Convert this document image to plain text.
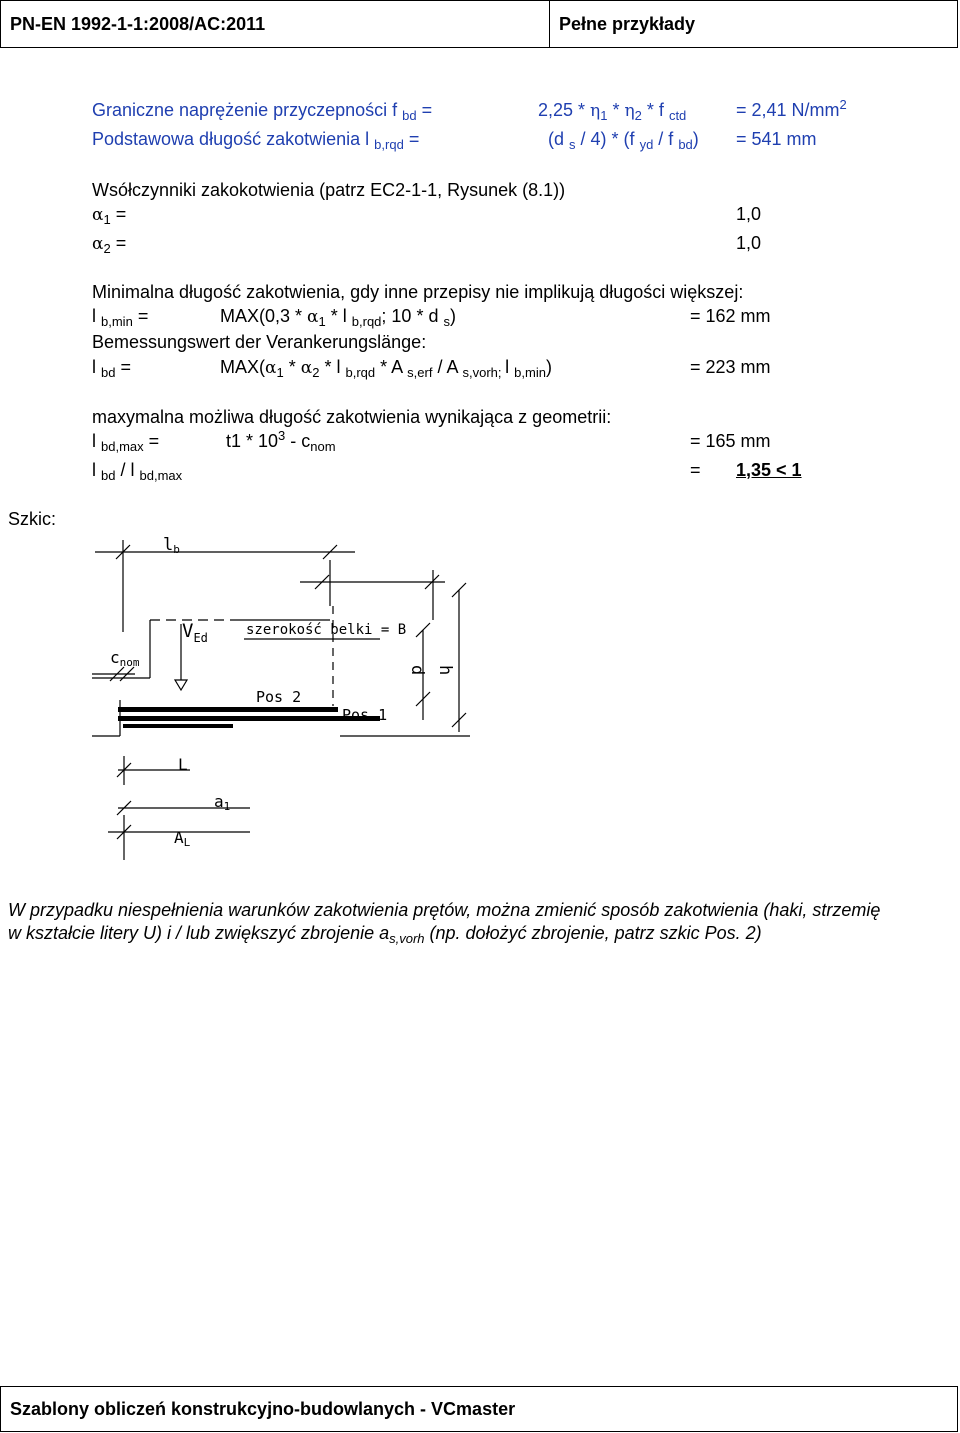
PN-EN 1992-1-1:2008/AC:2011	Pełne przykłady
Graniczne naprężenie przyczepności f $_{bd}$ =	$2,25 * \eta_1 * \eta_2$ * f $_{ctd}$	= 2,41 $N/mm^2$
Podstawowa długość zakotwienia l $_{b,rqd}$ =	(d $_s$ / 4) * (f $_{yd}$ / f $_{bd}$) = 541 mm
Wsółczynniki zakokotwienia (patrz EC2-1-1, Rysunek (8.1))
$\alpha_1$ =	1,0
$\alpha_2$ =	1,0
Minimalna długość zakotwienia, gdy inne przepisy nie implikują długości większej:
l $_{b,min}$ =	$MAX(0,3 * \alpha_1$ * l $_{b,rqd}$; 10 * d $_s$)	= 162 mm
Bemessungswert der Verankerungslänge:
l $_{bd}$ =	$MAX(\alpha_1 * \alpha_2$ * l $_{b,rqd}$ * A $_{s,erf}$ / A $_{s,vorh;}$ l $_{b,min}$)	= 223 mm
maxymalna możliwa długość zakotwienia wynikająca z geometrii:
l $_{bd,max}$ =	$t1 * 10^3 - c_{nom}$	= 165 mm
l $_{bd}$ / l $_{bd,max}$	= 1,35 < 1
Szkic:
lb
$V_{Ed}$	szerokość belki = B
cnom
Pos 2
Pos 1
d h
L
a1
AL
W przypadku niespełnienia warunków zakotwienia prętów, można zmienić sposób zakotwienia (haki, strzemię
w kształcie litery U) i / lub zwiększyć zbrojenie $a_{s,vorh}$ (np. dołożyć zbrojenie, patrz szkic Pos. 2)
Szablony obliczeń konstrukcyjno-budowlanych - VCmaster
